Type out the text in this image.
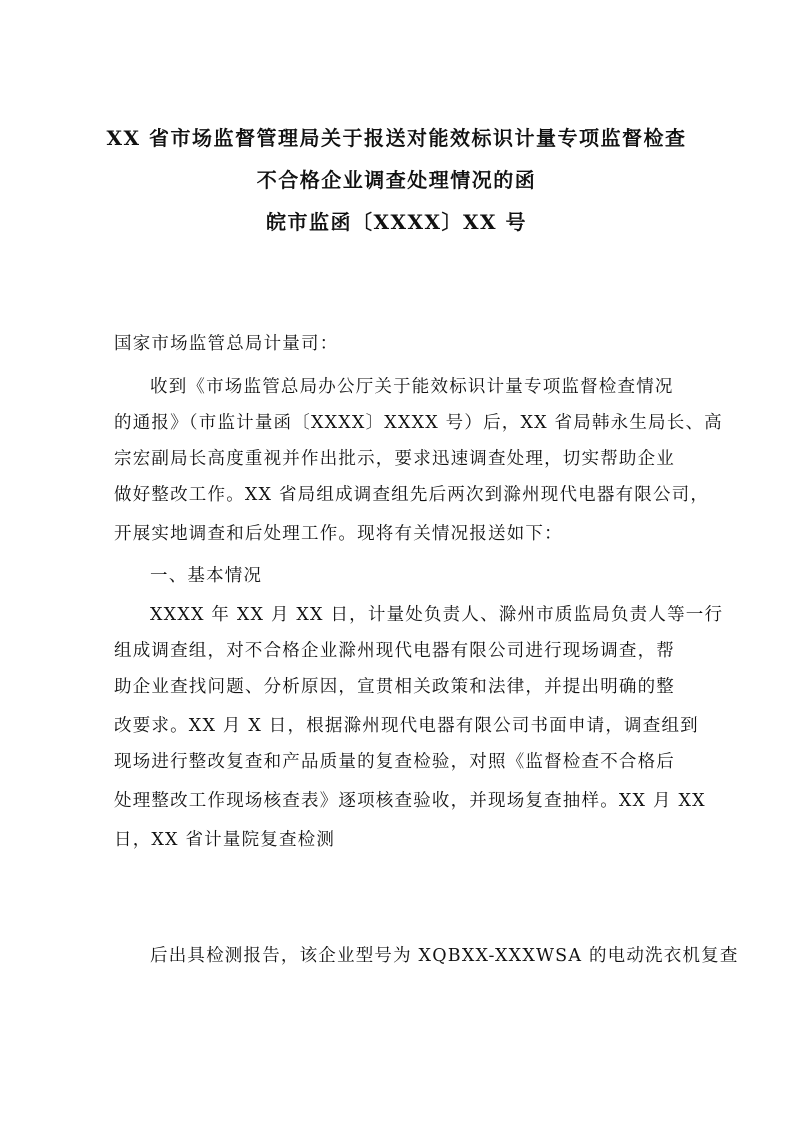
XX 省市场监督管理局关于报送对能效标识计量专项监督检查
不合格企业调查处理情况的函
皖市监函〔XXXX〕XX 号
国家市场监管总局计量司：
收到《市场监管总局办公厅关于能效标识计量专项监督检查情况
的通报》（市监计量函〔XXXX〕XXXX 号）后，XX 省局韩永生局长、高
宗宏副局长高度重视并作出批示，要求迅速调查处理，切实帮助企业
做好整改工作。XX 省局组成调查组先后两次到滁州现代电器有限公司，
开展实地调查和后处理工作。现将有关情况报送如下：
一、基本情况
XXXX 年 XX 月 XX 日，计量处负责人、滁州市质监局负责人等一行
组成调查组，对不合格企业滁州现代电器有限公司进行现场调查，帮
助企业查找问题、分析原因，宣贯相关政策和法律，并提出明确的整
改要求。XX 月 X 日，根据滁州现代电器有限公司书面申请，调查组到
现场进行整改复查和产品质量的复查检验，对照《监督检查不合格后
处理整改工作现场核查表》逐项核查验收，并现场复查抽样。XX 月 XX
日，XX 省计量院复查检测
后出具检测报告，该企业型号为 XQBXX-XXXWSA 的电动洗衣机复查
